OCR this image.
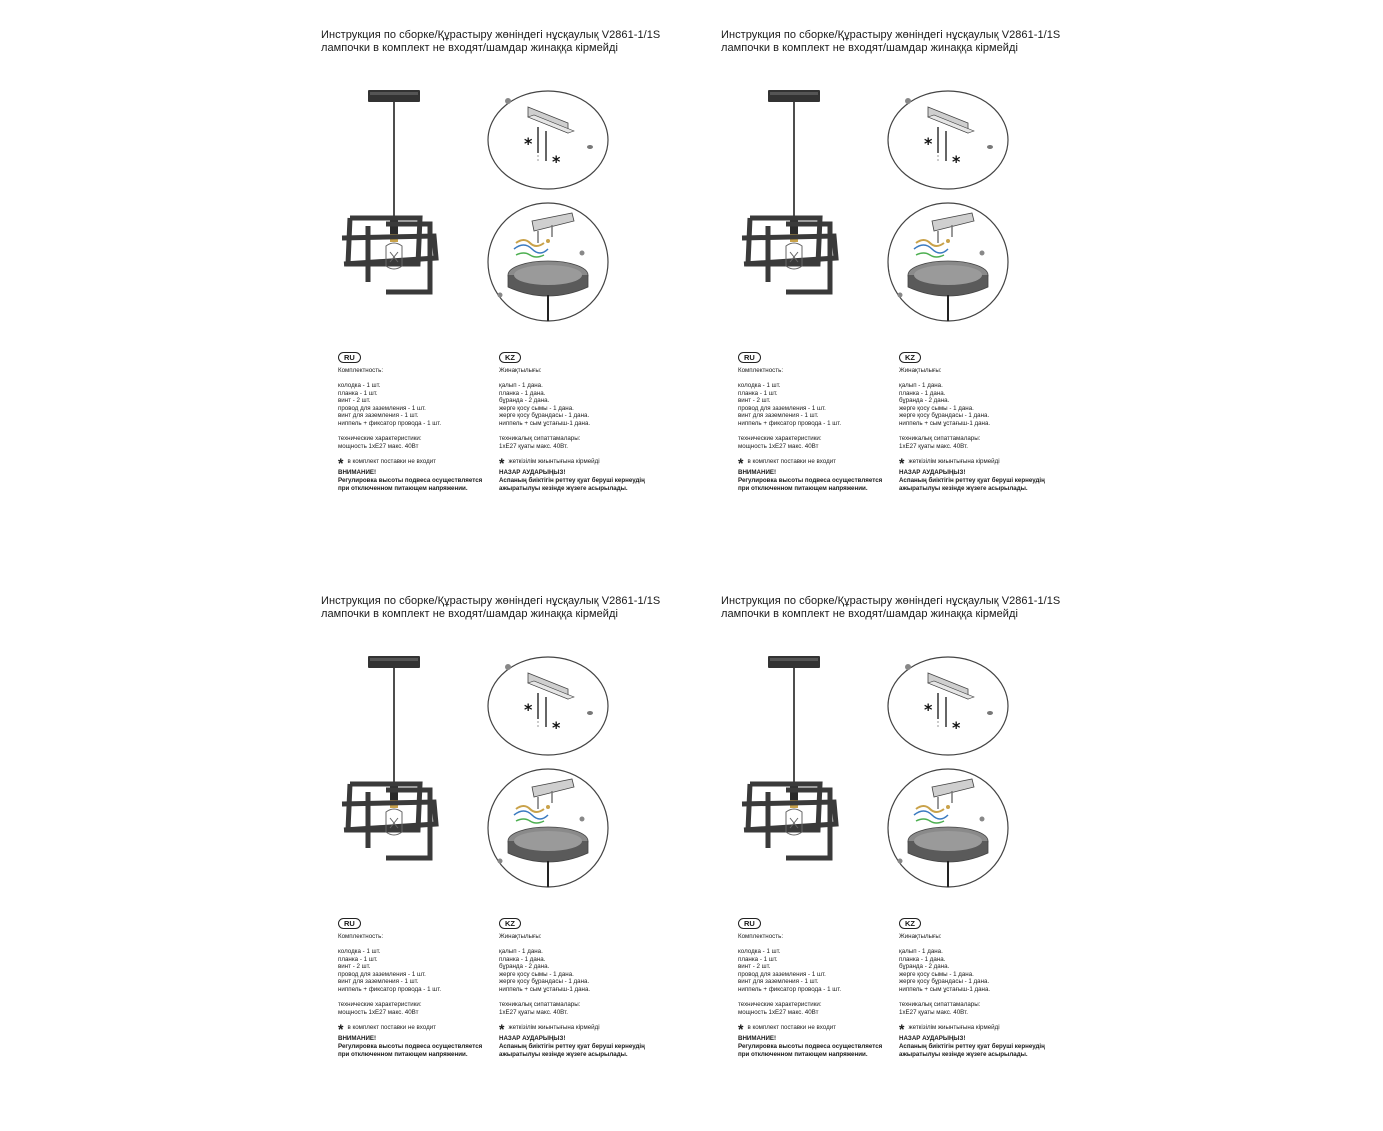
Инструкция по сборке/Құрастыру жөніндегі нұсқаулық V2861-1/1S
лампочки в комплект не входят/шамдар жинаққа кірмейді
*
*
RU
Комплектность:
колодка - 1 шт.
планка - 1 шт.
винт - 2 шт.
провод для заземления - 1 шт.
винт для заземления - 1 шт.
ниппель + фиксатор провода - 1 шт.
технические характеристики:
мощность 1хЕ27 макс. 40Вт
* в комплект поставки не входит
ВНИМАНИЕ!
Регулировка высоты подвеса осуществляется
при отключенном питающем напряжении.
KZ
Жинақтылығы:
қалып - 1 дана.
планка - 1 дана.
бұранда - 2 дана.
жерге қосу сымы - 1 дана.
жерге қосу бұрандасы - 1 дана.
ниппель + сым ұстағыш-1 дана.
техникалық сипаттамалары:
1хЕ27 қуаты макс. 40Вт.
* жеткізілім жиынтығына кірмейді
НАЗАР АУДАРЫҢЫЗ!
Аспаның биіктігін реттеу қуат беруші кернеудің
ажыратылуы кезінде жүзеге асырылады.
Инструкция по сборке/Құрастыру жөніндегі нұсқаулық V2861-1/1S
лампочки в комплект не входят/шамдар жинаққа кірмейді
*
*
RU
Комплектность:
колодка - 1 шт.
планка - 1 шт.
винт - 2 шт.
провод для заземления - 1 шт.
винт для заземления - 1 шт.
ниппель + фиксатор провода - 1 шт.
технические характеристики:
мощность 1хЕ27 макс. 40Вт
* в комплект поставки не входит
ВНИМАНИЕ!
Регулировка высоты подвеса осуществляется
при отключенном питающем напряжении.
KZ
Жинақтылығы:
қалып - 1 дана.
планка - 1 дана.
бұранда - 2 дана.
жерге қосу сымы - 1 дана.
жерге қосу бұрандасы - 1 дана.
ниппель + сым ұстағыш-1 дана.
техникалық сипаттамалары:
1хЕ27 қуаты макс. 40Вт.
* жеткізілім жиынтығына кірмейді
НАЗАР АУДАРЫҢЫЗ!
Аспаның биіктігін реттеу қуат беруші кернеудің
ажыратылуы кезінде жүзеге асырылады.
Инструкция по сборке/Құрастыру жөніндегі нұсқаулық V2861-1/1S
лампочки в комплект не входят/шамдар жинаққа кірмейді
*
*
RU
Комплектность:
колодка - 1 шт.
планка - 1 шт.
винт - 2 шт.
провод для заземления - 1 шт.
винт для заземления - 1 шт.
ниппель + фиксатор провода - 1 шт.
технические характеристики:
мощность 1хЕ27 макс. 40Вт
* в комплект поставки не входит
ВНИМАНИЕ!
Регулировка высоты подвеса осуществляется
при отключенном питающем напряжении.
KZ
Жинақтылығы:
қалып - 1 дана.
планка - 1 дана.
бұранда - 2 дана.
жерге қосу сымы - 1 дана.
жерге қосу бұрандасы - 1 дана.
ниппель + сым ұстағыш-1 дана.
техникалық сипаттамалары:
1хЕ27 қуаты макс. 40Вт.
* жеткізілім жиынтығына кірмейді
НАЗАР АУДАРЫҢЫЗ!
Аспаның биіктігін реттеу қуат беруші кернеудің
ажыратылуы кезінде жүзеге асырылады.
Инструкция по сборке/Құрастыру жөніндегі нұсқаулық V2861-1/1S
лампочки в комплект не входят/шамдар жинаққа кірмейді
*
*
RU
Комплектность:
колодка - 1 шт.
планка - 1 шт.
винт - 2 шт.
провод для заземления - 1 шт.
винт для заземления - 1 шт.
ниппель + фиксатор провода - 1 шт.
технические характеристики:
мощность 1хЕ27 макс. 40Вт
* в комплект поставки не входит
ВНИМАНИЕ!
Регулировка высоты подвеса осуществляется
при отключенном питающем напряжении.
KZ
Жинақтылығы:
қалып - 1 дана.
планка - 1 дана.
бұранда - 2 дана.
жерге қосу сымы - 1 дана.
жерге қосу бұрандасы - 1 дана.
ниппель + сым ұстағыш-1 дана.
техникалық сипаттамалары:
1хЕ27 қуаты макс. 40Вт.
* жеткізілім жиынтығына кірмейді
НАЗАР АУДАРЫҢЫЗ!
Аспаның биіктігін реттеу қуат беруші кернеудің
ажыратылуы кезінде жүзеге асырылады.
